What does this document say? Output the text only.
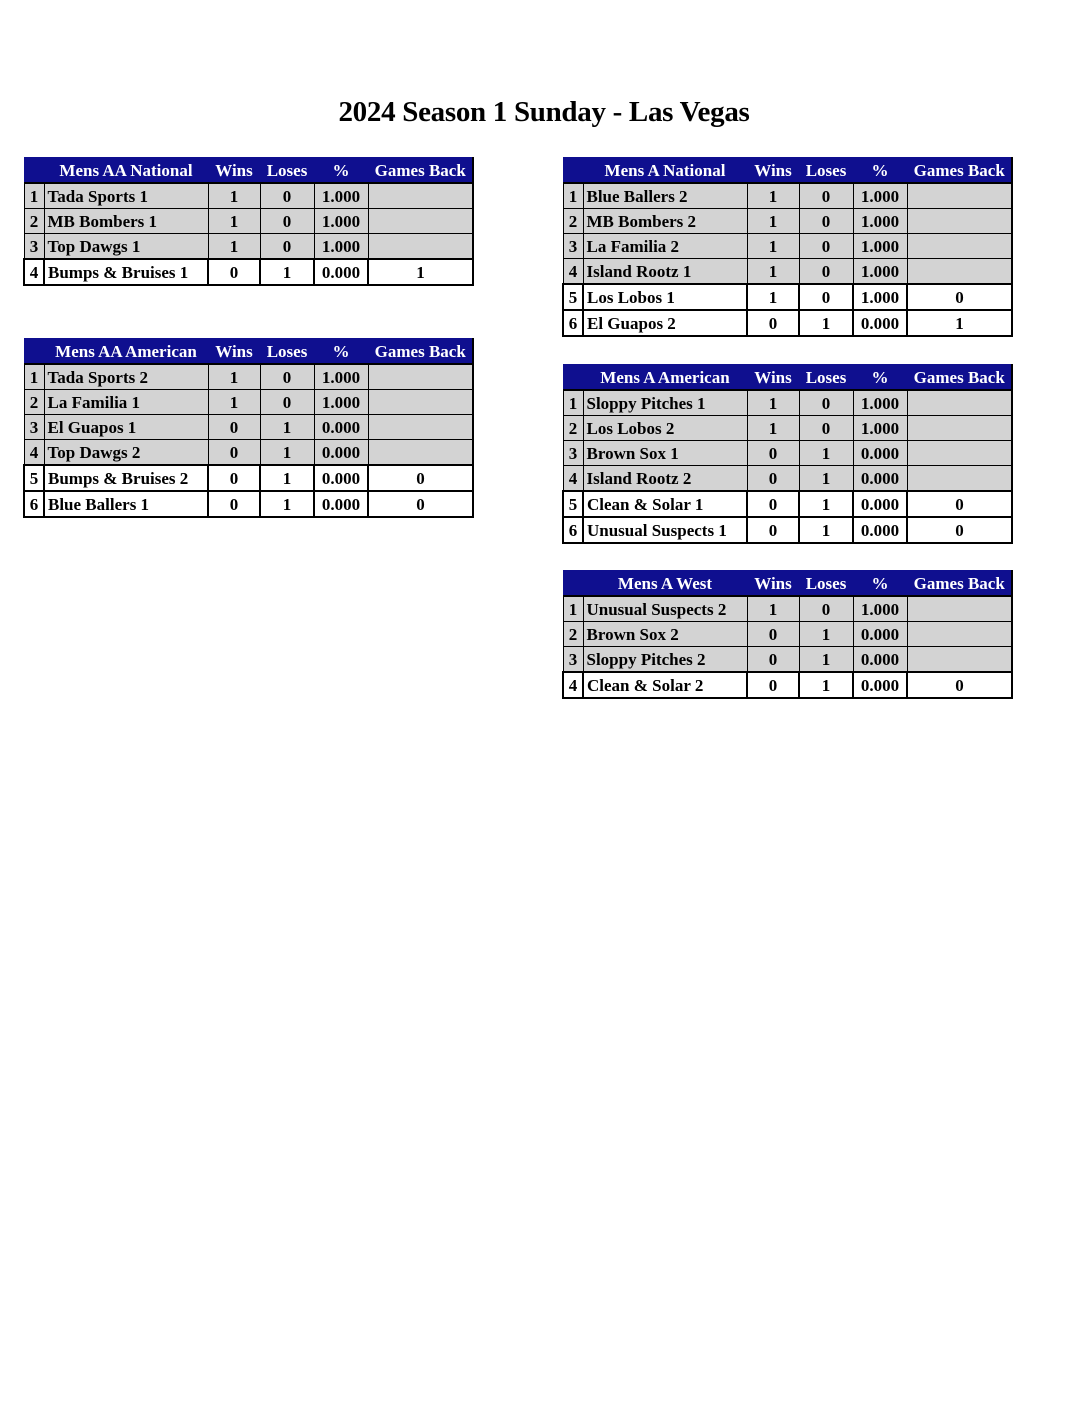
2024 Season 1 Sunday - Las Vegas
	Mens AA National	Wins	Loses	%	Games Back
1	Tada Sports 1	1	0	1.000	
2	MB Bombers 1	1	0	1.000	
3	Top Dawgs 1	1	0	1.000	
4	Bumps & Bruises 1	0	1	0.000	1
	Mens AA American	Wins	Loses	%	Games Back
1	Tada Sports 2	1	0	1.000	
2	La Familia 1	1	0	1.000	
3	El Guapos 1	0	1	0.000	
4	Top Dawgs 2	0	1	0.000	
5	Bumps & Bruises 2	0	1	0.000	0
6	Blue Ballers 1	0	1	0.000	0
	Mens A National	Wins	Loses	%	Games Back
1	Blue Ballers 2	1	0	1.000	
2	MB Bombers 2	1	0	1.000	
3	La Familia 2	1	0	1.000	
4	Island Rootz 1	1	0	1.000	
5	Los Lobos 1	1	0	1.000	0
6	El Guapos 2	0	1	0.000	1
	Mens A American	Wins	Loses	%	Games Back
1	Sloppy Pitches 1	1	0	1.000	
2	Los Lobos 2	1	0	1.000	
3	Brown Sox 1	0	1	0.000	
4	Island Rootz 2	0	1	0.000	
5	Clean & Solar 1	0	1	0.000	0
6	Unusual Suspects 1	0	1	0.000	0
	Mens A West	Wins	Loses	%	Games Back
1	Unusual Suspects 2	1	0	1.000	
2	Brown Sox 2	0	1	0.000	
3	Sloppy Pitches 2	0	1	0.000	
4	Clean & Solar 2	0	1	0.000	0
